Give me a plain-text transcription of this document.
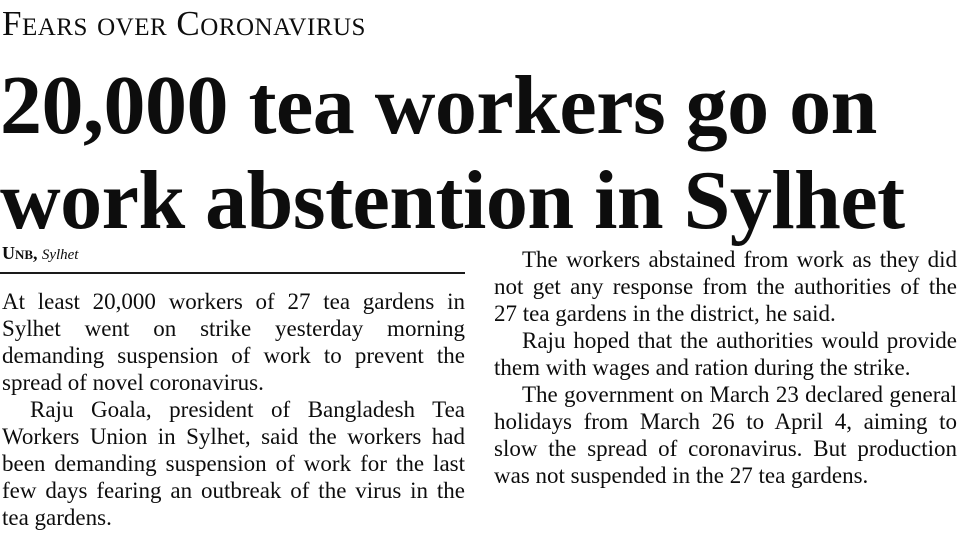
Fears over Coronavirus
20,000 tea workers go on
work abstention in Sylhet
Unb, Sylhet

At least 20,000 workers of 27 tea gardens in Sylhet went on strike yesterday morning demanding suspension of work to prevent the spread of novel coronavirus.

Raju Goala, president of Bangladesh Tea Workers Union in Sylhet, said the workers had been demanding suspension of work for the last few days fearing an outbreak of the virus in the tea gardens.

The workers abstained from work as they did not get any response from the authorities of the 27 tea gardens in the district, he said.

Raju hoped that the authorities would provide them with wages and ration during the strike.

The government on March 23 declared general holidays from March 26 to April 4, aiming to slow the spread of coronavirus. But production was not suspended in the 27 tea gardens.
